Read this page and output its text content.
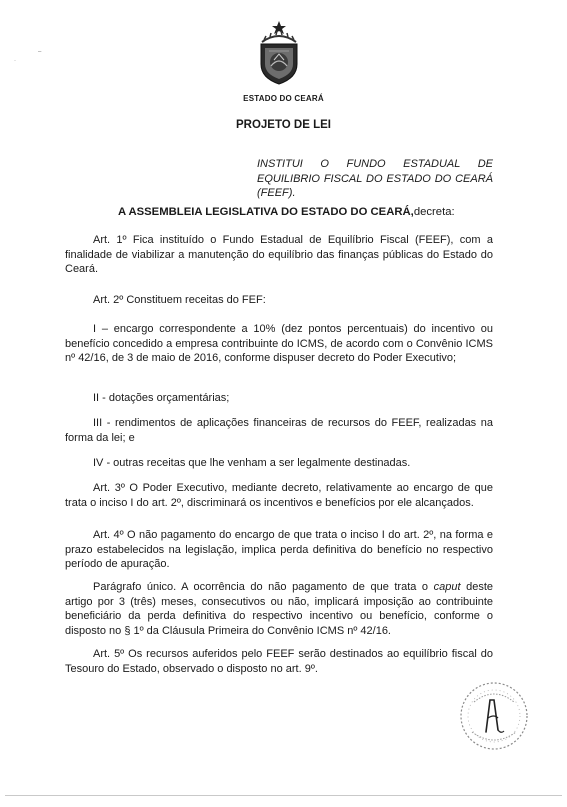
ESTADO DO CEARÁ
PROJETO DE LEI
INSTITUI O FUNDO ESTADUAL DE EQUILIBRIO FISCAL DO ESTADO DO CEARÁ (FEEF).
A ASSEMBLEIA LEGISLATIVA DO ESTADO DO CEARÁ,decreta:
Art. 1º Fica instituído o Fundo Estadual de Equilíbrio Fiscal (FEEF), com a finalidade de viabilizar a manutenção do equilíbrio das finanças públicas do Estado do Ceará.
Art. 2º Constituem receitas do FEF:
I – encargo correspondente a 10% (dez pontos percentuais) do incentivo ou benefício concedido a empresa contribuinte do ICMS, de acordo com o Convênio ICMS nº 42/16, de 3 de maio de 2016, conforme dispuser decreto do Poder Executivo;
II - dotações orçamentárias;
III - rendimentos de aplicações financeiras de recursos do FEEF, realizadas na forma da lei; e
IV - outras receitas que lhe venham a ser legalmente destinadas.
Art. 3º O Poder Executivo, mediante decreto, relativamente ao encargo de que trata o inciso I do art. 2º, discriminará os incentivos e benefícios por ele alcançados.
Art. 4º O não pagamento do encargo de que trata o inciso I do art. 2º, na forma e prazo estabelecidos na legislação, implica perda definitiva do benefício no respectivo período de apuração.
Parágrafo único. A ocorrência do não pagamento de que trata o caput deste artigo por 3 (três) meses, consecutivos ou não, implicará imposição ao contribuinte beneficiário da perda definitiva do respectivo incentivo ou benefício, conforme o disposto no § 1º da Cláusula Primeira do Convênio ICMS nº 42/16.
Art. 5º Os recursos auferidos pelo FEEF serão destinados ao equilíbrio fiscal do Tesouro do Estado, observado o disposto no art. 9º.
·
–
